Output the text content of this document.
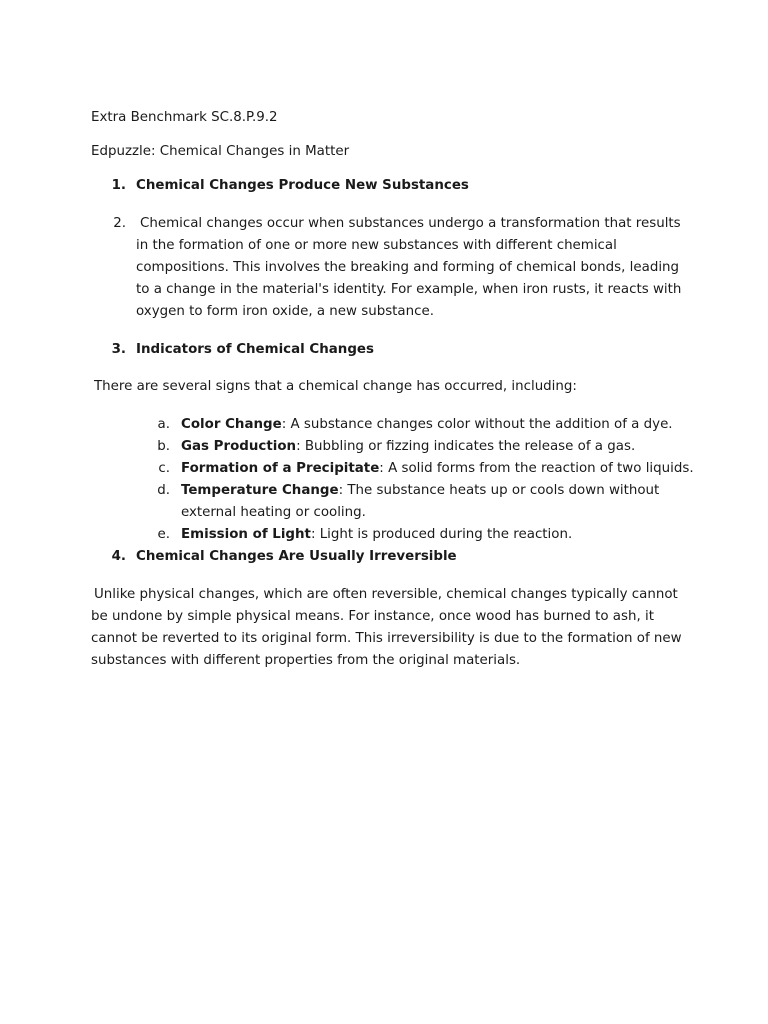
Extra Benchmark SC.8.P.9.2

Edpuzzle: Chemical Changes in Matter

1. Chemical Changes Produce New Substances
2. Chemical changes occur when substances undergo a transformation that results in the formation of one or more new substances with different chemical compositions. This involves the breaking and forming of chemical bonds, leading to a change in the material's identity. For example, when iron rusts, it reacts with oxygen to form iron oxide, a new substance.

3. Indicators of Chemical Changes

There are several signs that a chemical change has occurred, including:

a. Color Change: A substance changes color without the addition of a dye.

b. Gas Production: Bubbling or fizzing indicates the release of a gas.

c. Formation of a Precipitate: A solid forms from the reaction of two liquids.

d. Temperature Change: The substance heats up or cools down without external heating or cooling.

e. Emission of Light: Light is produced during the reaction.

4. Chemical Changes Are Usually Irreversible

Unlike physical changes, which are often reversible, chemical changes typically cannot be undone by simple physical means. For instance, once wood has burned to ash, it cannot be reverted to its original form. This irreversibility is due to the formation of new substances with different properties from the original materials.
